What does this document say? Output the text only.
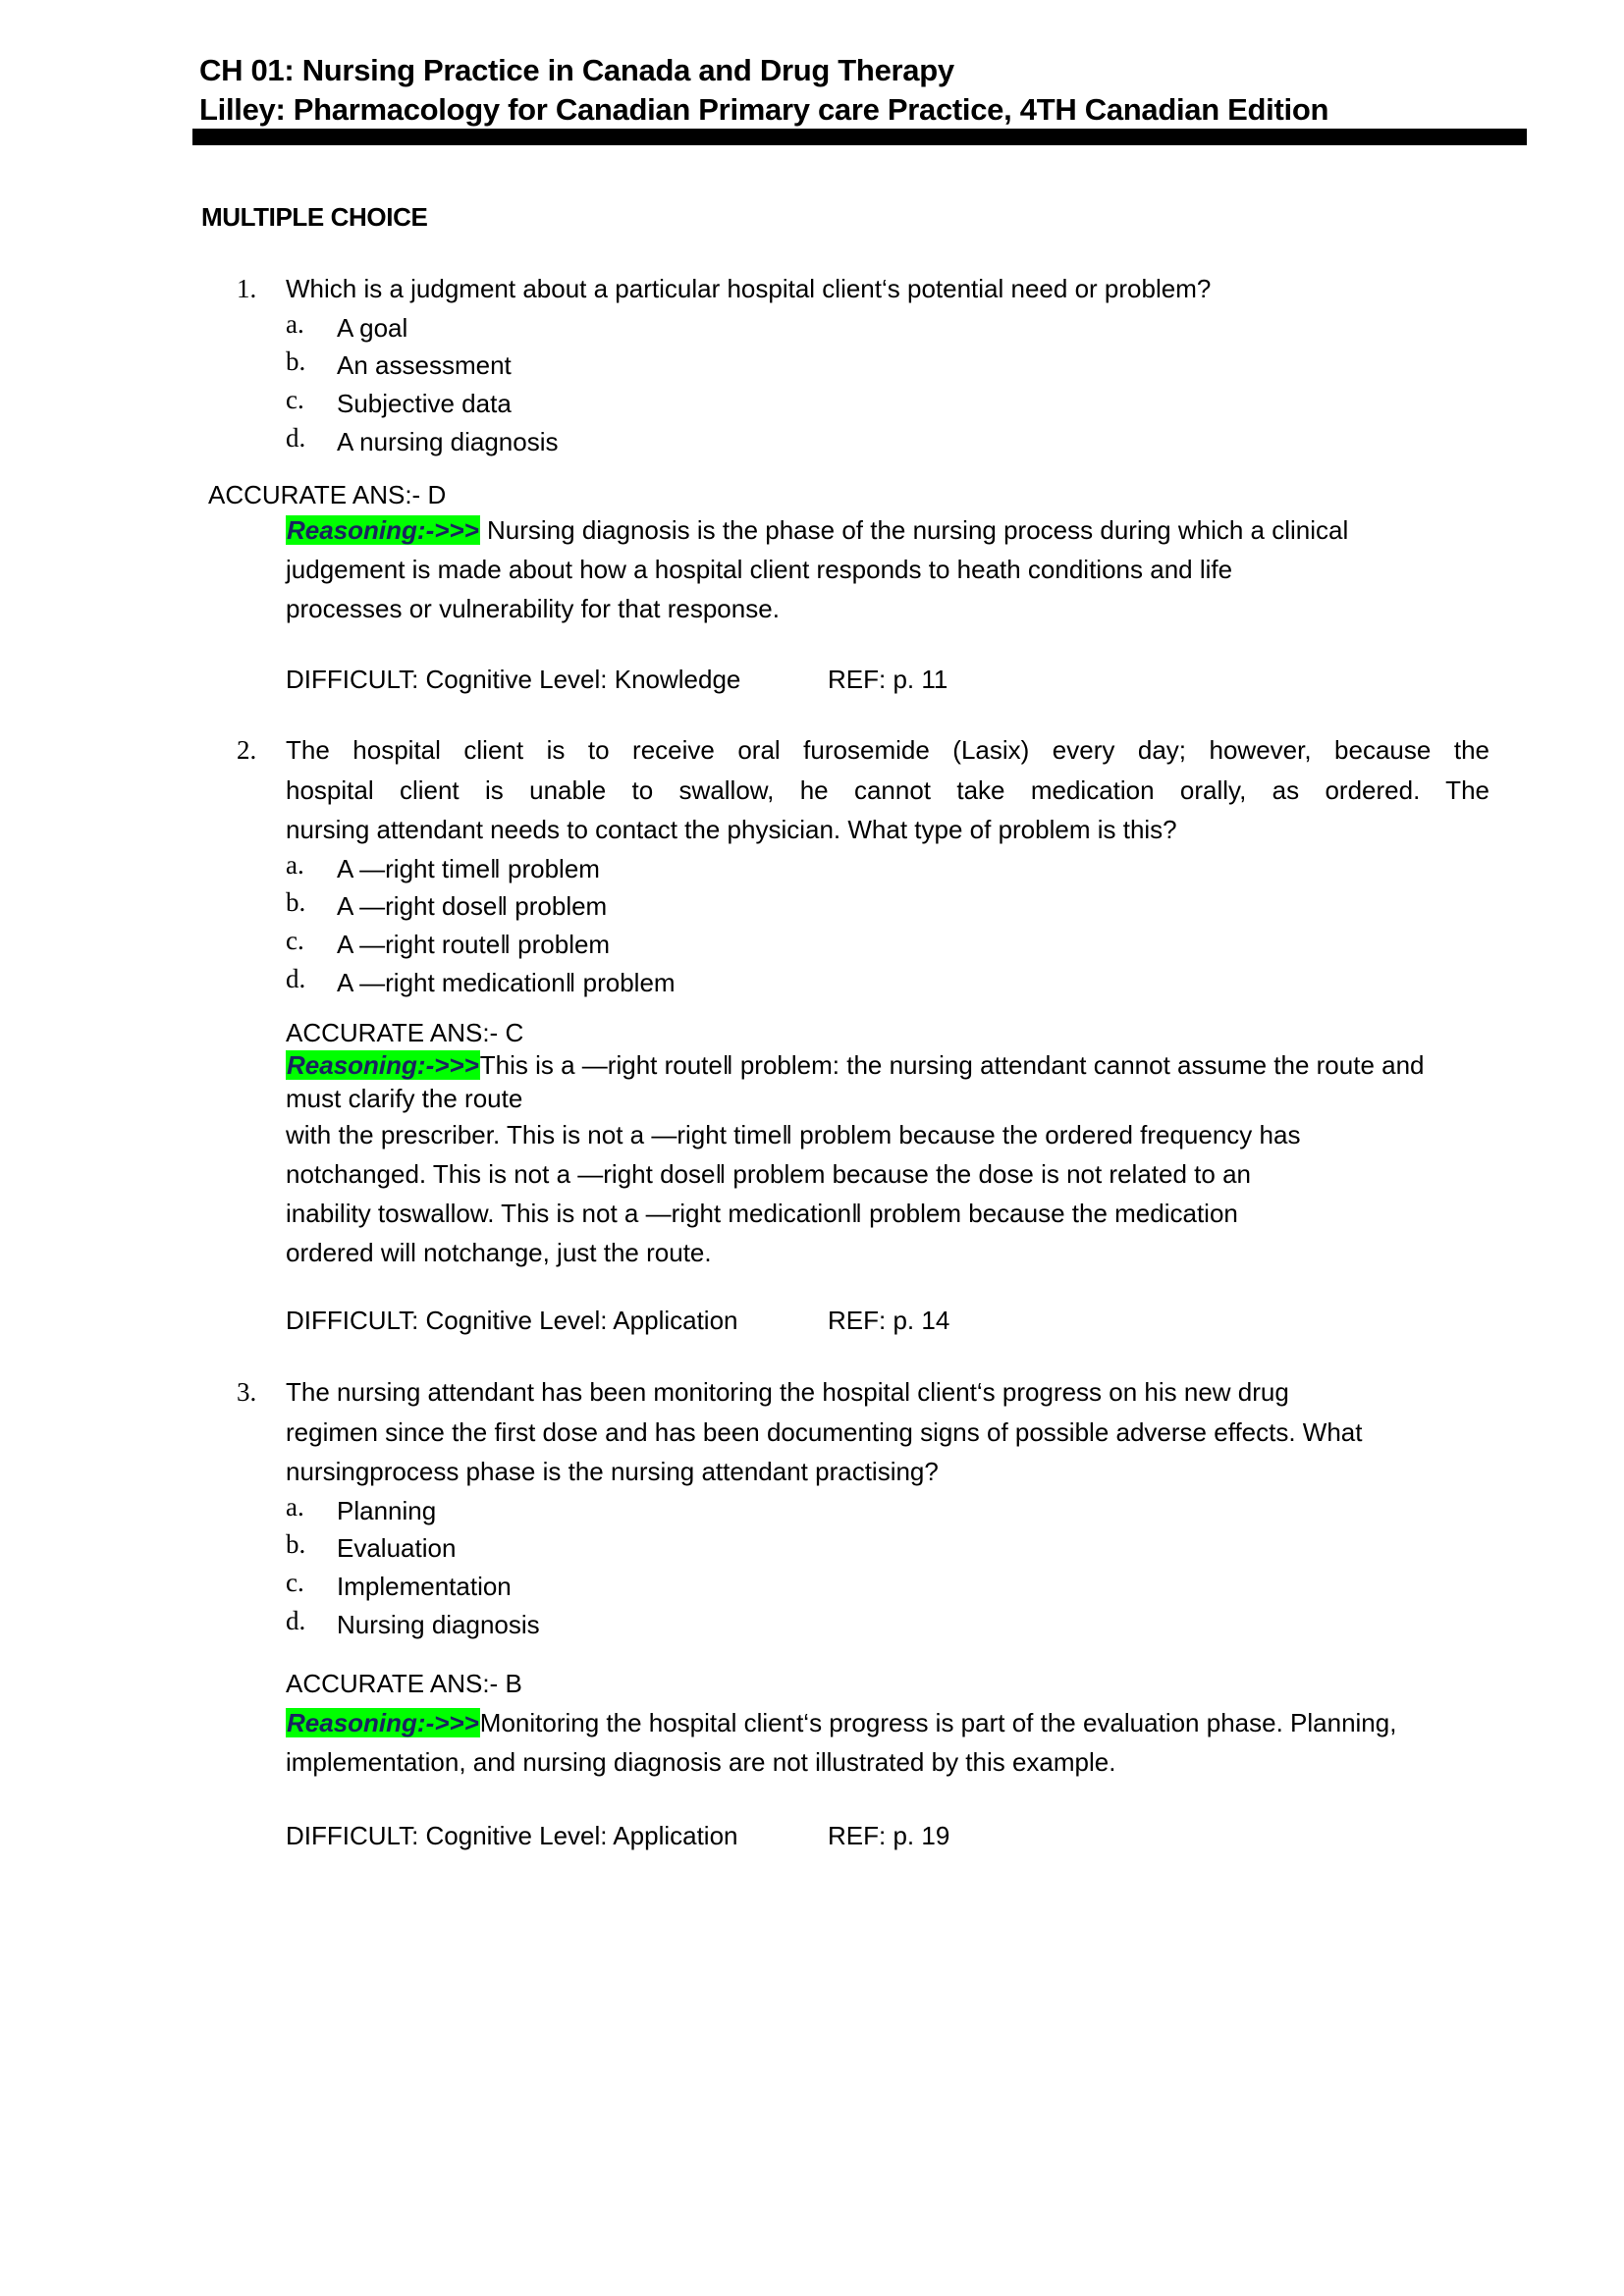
CH 01: Nursing Practice in Canada and Drug Therapy
Lilley: Pharmacology for Canadian Primary care Practice, 4TH Canadian Edition
MULTIPLE CHOICE
1. Which is a judgment about a particular hospital client‘s potential need or problem?
a.	A goal
b.	An assessment
c.	Subjective data
d.	A nursing diagnosis
ACCURATE ANS:- D
Reasoning:->>> Nursing diagnosis is the phase of the nursing process during which a clinical
judgement is made about how a hospital client responds to heath conditions and life
processes or vulnerability for that response.
DIFFICULT: Cognitive Level: Knowledge	REF: p. 11
2. The hospital client is to receive oral furosemide (Lasix) every day; however, because the
hospital client is unable to swallow, he cannot take medication orally, as ordered. The
nursing attendant needs to contact the physician. What type of problem is this?
a.	A ―right time‖ problem
b.	A ―right dose‖ problem
c.	A ―right route‖ problem
d.	A ―right medication‖ problem
ACCURATE ANS:- C
Reasoning:->>>This is a ―right route‖ problem: the nursing attendant cannot assume the route and
must clarify the route
with the prescriber. This is not a ―right time‖ problem because the ordered frequency has
notchanged. This is not a ―right dose‖ problem because the dose is not related to an
inability toswallow. This is not a ―right medication‖ problem because the medication
ordered will notchange, just the route.
DIFFICULT: Cognitive Level: Application	REF: p. 14
3. The nursing attendant has been monitoring the hospital client‘s progress on his new drug
regimen since the first dose and has been documenting signs of possible adverse effects. What
nursingprocess phase is the nursing attendant practising?
a.	Planning
b.	Evaluation
c.	Implementation
d.	Nursing diagnosis
ACCURATE ANS:- B
Reasoning:->>>Monitoring the hospital client‘s progress is part of the evaluation phase. Planning,
implementation, and nursing diagnosis are not illustrated by this example.
DIFFICULT: Cognitive Level: Application	REF: p. 19
